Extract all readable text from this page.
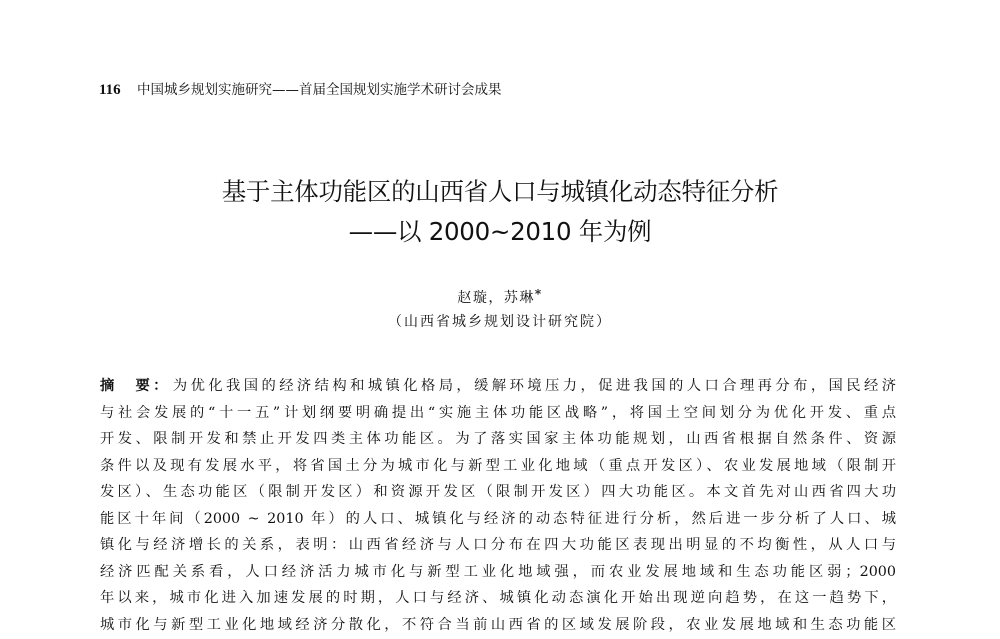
116 中国城乡规划实施研究——首届全国规划实施学术研讨会成果
基于主体功能区的山西省人口与城镇化动态特征分析
——以 2000~2010 年为例
赵璇，苏琳*
（山西省城乡规划设计研究院）
摘　要： 为优化我国的经济结构和城镇化格局，缓解环境压力，促进我国的人口合理再分布，国民经济
与社会发展的“十一五”计划纲要明确提出“实施主体功能区战略”，将国土空间划分为优化开发、重点
开发、限制开发和禁止开发四类主体功能区。为了落实国家主体功能规划，山西省根据自然条件、资源
条件以及现有发展水平，将省国土分为城市化与新型工业化地域（重点开发区）、农业发展地域（限制开
发区）、生态功能区（限制开发区）和资源开发区（限制开发区）四大功能区。本文首先对山西省四大功
能区十年间（2000 ~ 2010 年）的人口、城镇化与经济的动态特征进行分析，然后进一步分析了人口、城
镇化与经济增长的关系，表明：山西省经济与人口分布在四大功能区表现出明显的不均衡性，从人口与
经济匹配关系看，人口经济活力城市化与新型工业化地域强，而农业发展地域和生态功能区弱；2000
年以来，城市化进入加速发展的时期，人口与经济、城镇化动态演化开始出现逆向趋势，在这一趋势下，
城市化与新型工业化地域经济分散化，不符合当前山西省的区域发展阶段，农业发展地域和生态功能区
